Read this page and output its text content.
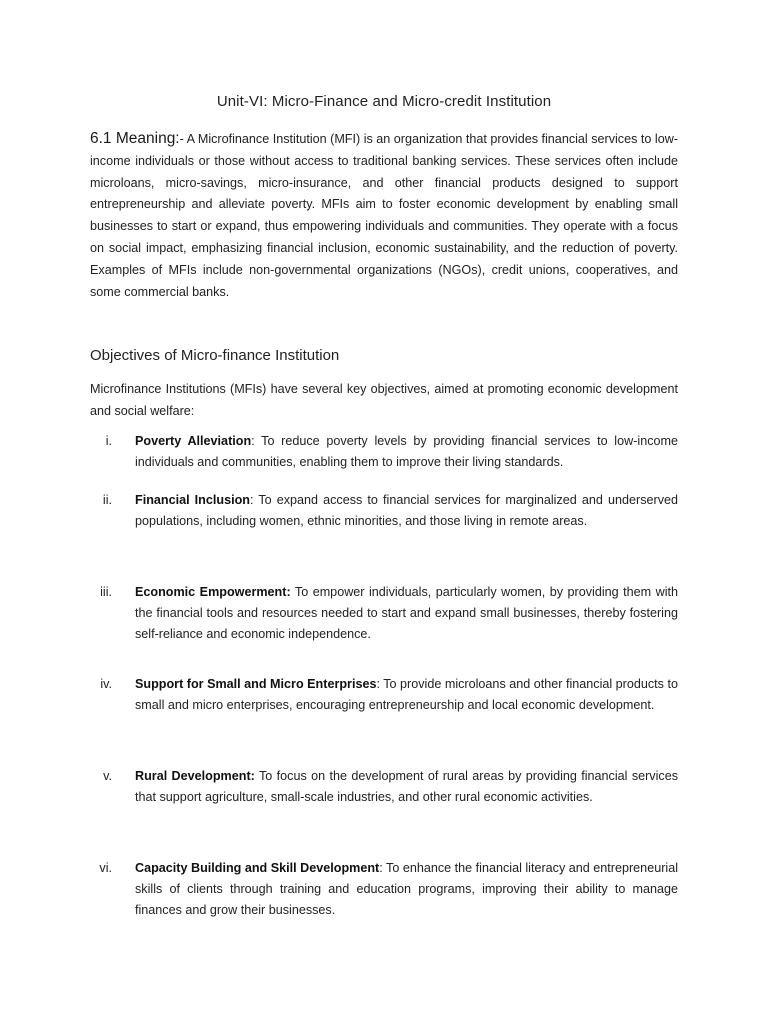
Unit-VI: Micro-Finance and Micro-credit Institution
6.1 Meaning:- A Microfinance Institution (MFI) is an organization that provides financial services to low-income individuals or those without access to traditional banking services. These services often include microloans, micro-savings, micro-insurance, and other financial products designed to support entrepreneurship and alleviate poverty. MFIs aim to foster economic development by enabling small businesses to start or expand, thus empowering individuals and communities. They operate with a focus on social impact, emphasizing financial inclusion, economic sustainability, and the reduction of poverty. Examples of MFIs include non-governmental organizations (NGOs), credit unions, cooperatives, and some commercial banks.
Objectives of Micro-finance Institution
Microfinance Institutions (MFIs) have several key objectives, aimed at promoting economic development and social welfare:
i. Poverty Alleviation: To reduce poverty levels by providing financial services to low-income individuals and communities, enabling them to improve their living standards.
ii. Financial Inclusion: To expand access to financial services for marginalized and underserved populations, including women, ethnic minorities, and those living in remote areas.
iii. Economic Empowerment: To empower individuals, particularly women, by providing them with the financial tools and resources needed to start and expand small businesses, thereby fostering self-reliance and economic independence.
iv. Support for Small and Micro Enterprises: To provide microloans and other financial products to small and micro enterprises, encouraging entrepreneurship and local economic development.
v. Rural Development: To focus on the development of rural areas by providing financial services that support agriculture, small-scale industries, and other rural economic activities.
vi. Capacity Building and Skill Development: To enhance the financial literacy and entrepreneurial skills of clients through training and education programs, improving their ability to manage finances and grow their businesses.
